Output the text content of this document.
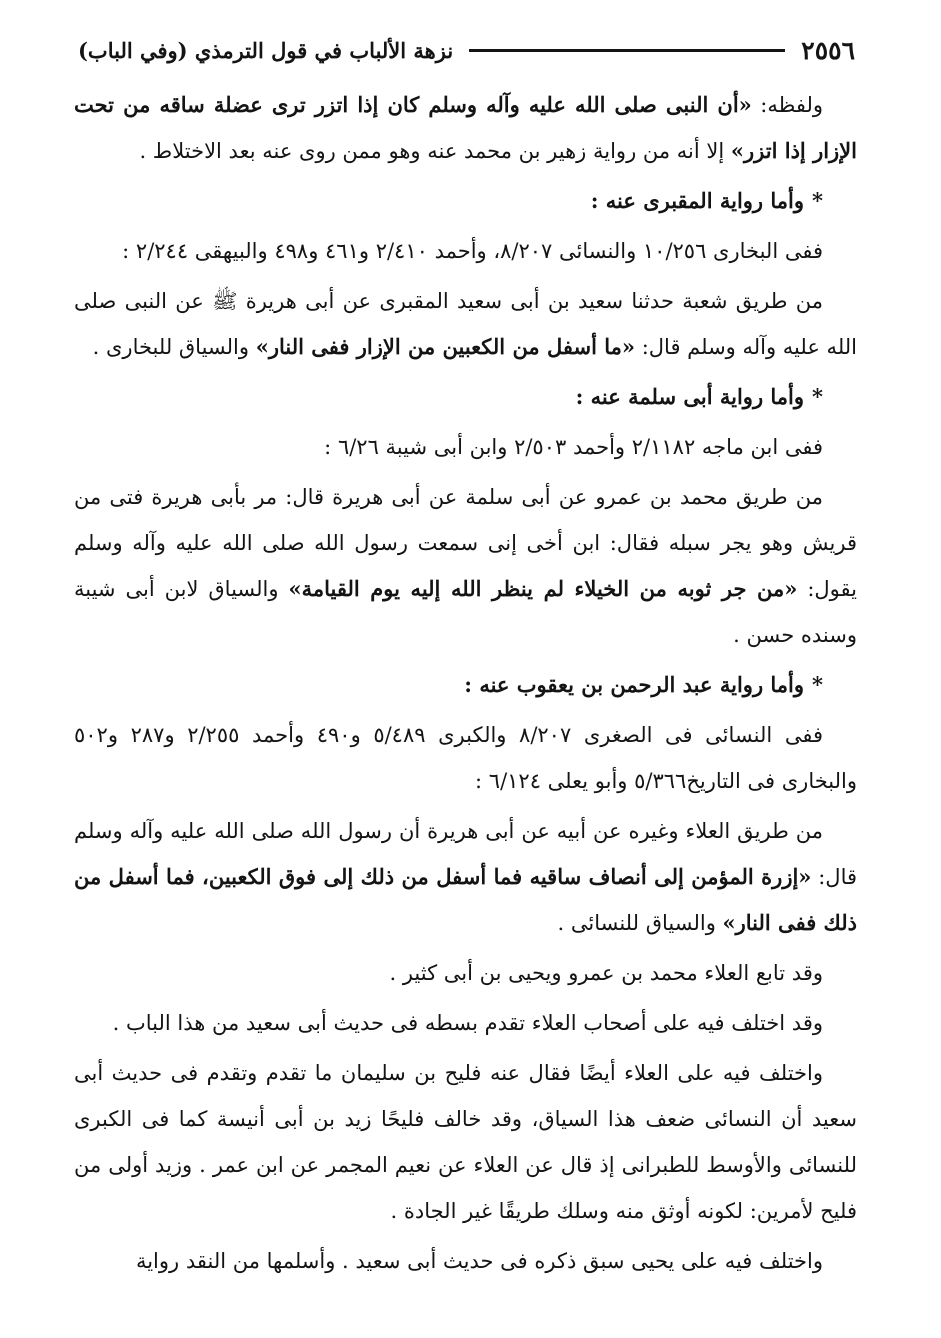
٢٥٥٦
نزهة الألباب في قول الترمذي (وفي الباب)

ولفظه: «أن النبى صلى الله عليه وآله وسلم كان إذا اتزر ترى عضلة ساقه من تحت الإزار إذا اتزر» إلا أنه من رواية زهير بن محمد عنه وهو ممن روى عنه بعد الاختلاط .

*وأما رواية المقبرى عنه :

ففى البخارى ١٠/٢٥٦ والنسائى ٨/٢٠٧، وأحمد ٢/٤١٠ و٤٦١ و٤٩٨ والبيهقى ٢/٢٤٤ :

من طريق شعبة حدثنا سعيد بن أبى سعيد المقبرى عن أبى هريرة ﷺ عن النبى صلى الله عليه وآله وسلم قال: «ما أسفل من الكعبين من الإزار ففى النار» والسياق للبخارى .

*وأما رواية أبى سلمة عنه :

ففى ابن ماجه ٢/١١٨٢ وأحمد ٢/٥٠٣ وابن أبى شيبة ٦/٢٦ :

من طريق محمد بن عمرو عن أبى سلمة عن أبى هريرة قال: مر بأبى هريرة فتى من قريش وهو يجر سبله فقال: ابن أخى إنى سمعت رسول الله صلى الله عليه وآله وسلم يقول: «من جر ثوبه من الخيلاء لم ينظر الله إليه يوم القيامة» والسياق لابن أبى شيبة وسنده حسن .

*وأما رواية عبد الرحمن بن يعقوب عنه :

ففى النسائى فى الصغرى ٨/٢٠٧ والكبرى ٥/٤٨٩ و٤٩٠ وأحمد ٢/٢٥٥ و٢٨٧ و٥٠٢ والبخارى فى التاريخ٥/٣٦٦ وأبو يعلى ٦/١٢٤ :

من طريق العلاء وغيره عن أبيه عن أبى هريرة أن رسول الله صلى الله عليه وآله وسلم قال: «إزرة المؤمن إلى أنصاف ساقيه فما أسفل من ذلك إلى فوق الكعبين، فما أسفل من ذلك ففى النار» والسياق للنسائى .

وقد تابع العلاء محمد بن عمرو ويحيى بن أبى كثير .

وقد اختلف فيه على أصحاب العلاء تقدم بسطه فى حديث أبى سعيد من هذا الباب .

واختلف فيه على العلاء أيضًا فقال عنه فليح بن سليمان ما تقدم وتقدم فى حديث أبى سعيد أن النسائى ضعف هذا السياق، وقد خالف فليحًا زيد بن أبى أنيسة كما فى الكبرى للنسائى والأوسط للطبرانى إذ قال عن العلاء عن نعيم المجمر عن ابن عمر . وزيد أولى من فليح لأمرين: لكونه أوثق منه وسلك طريقًا غير الجادة .

واختلف فيه على يحيى سبق ذكره فى حديث أبى سعيد . وأسلمها من النقد رواية
